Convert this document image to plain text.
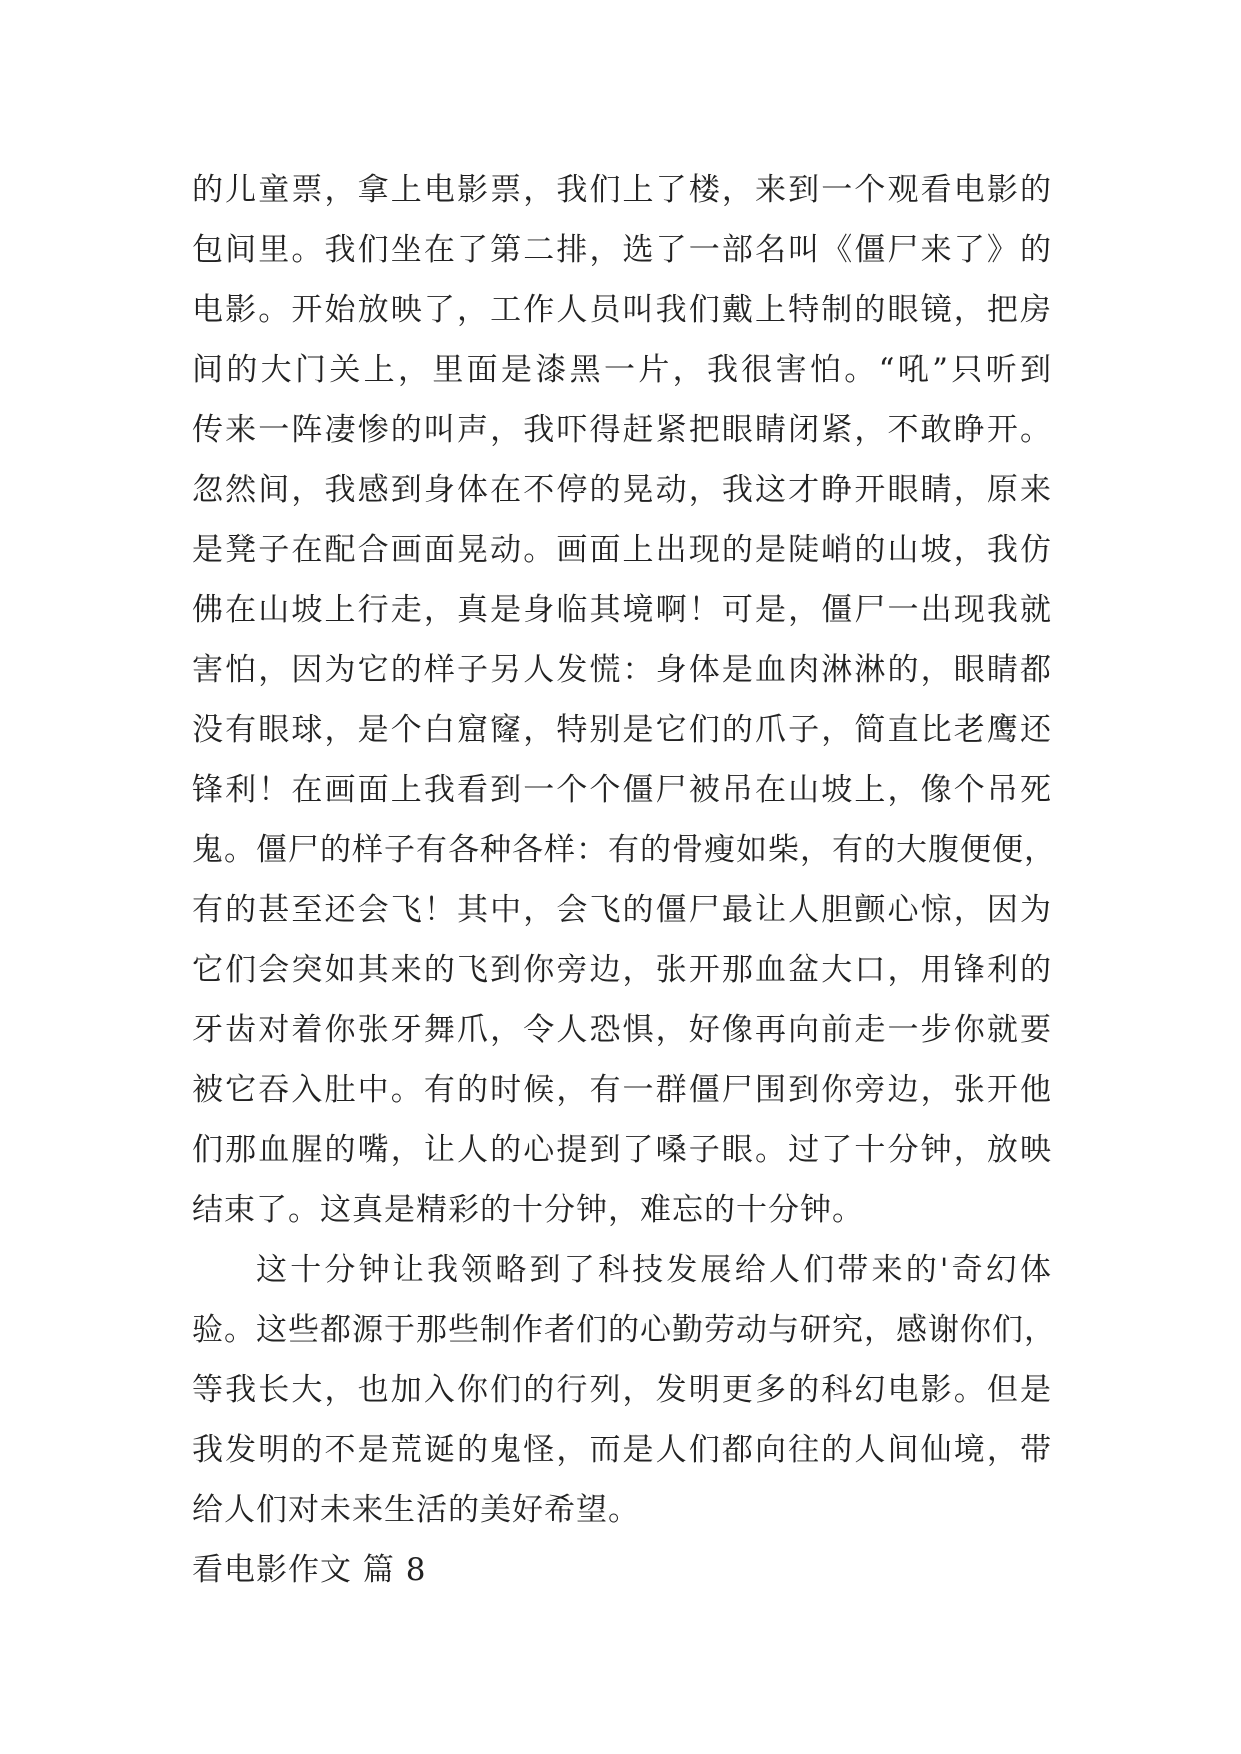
的儿童票，拿上电影票，我们上了楼，来到一个观看电影的
包间里。我们坐在了第二排，选了一部名叫《僵尸来了》的
电影。开始放映了，工作人员叫我们戴上特制的眼镜，把房
间的大门关上，里面是漆黑一片，我很害怕。“吼”只听到
传来一阵凄惨的叫声，我吓得赶紧把眼睛闭紧，不敢睁开。
忽然间，我感到身体在不停的晃动，我这才睁开眼睛，原来
是凳子在配合画面晃动。画面上出现的是陡峭的山坡，我仿
佛在山坡上行走，真是身临其境啊！可是，僵尸一出现我就
害怕，因为它的样子另人发慌：身体是血肉淋淋的，眼睛都
没有眼球，是个白窟窿，特别是它们的爪子，简直比老鹰还
锋利！在画面上我看到一个个僵尸被吊在山坡上，像个吊死
鬼。僵尸的样子有各种各样：有的骨瘦如柴，有的大腹便便，
有的甚至还会飞！其中，会飞的僵尸最让人胆颤心惊，因为
它们会突如其来的飞到你旁边，张开那血盆大口，用锋利的
牙齿对着你张牙舞爪，令人恐惧，好像再向前走一步你就要
被它吞入肚中。有的时候，有一群僵尸围到你旁边，张开他
们那血腥的嘴，让人的心提到了嗓子眼。过了十分钟，放映
结束了。这真是精彩的十分钟，难忘的十分钟。
这十分钟让我领略到了科技发展给人们带来的'奇幻体
验。这些都源于那些制作者们的心勤劳动与研究，感谢你们，
等我长大，也加入你们的行列，发明更多的科幻电影。但是
我发明的不是荒诞的鬼怪，而是人们都向往的人间仙境，带
给人们对未来生活的美好希望。
看电影作文 篇 8
